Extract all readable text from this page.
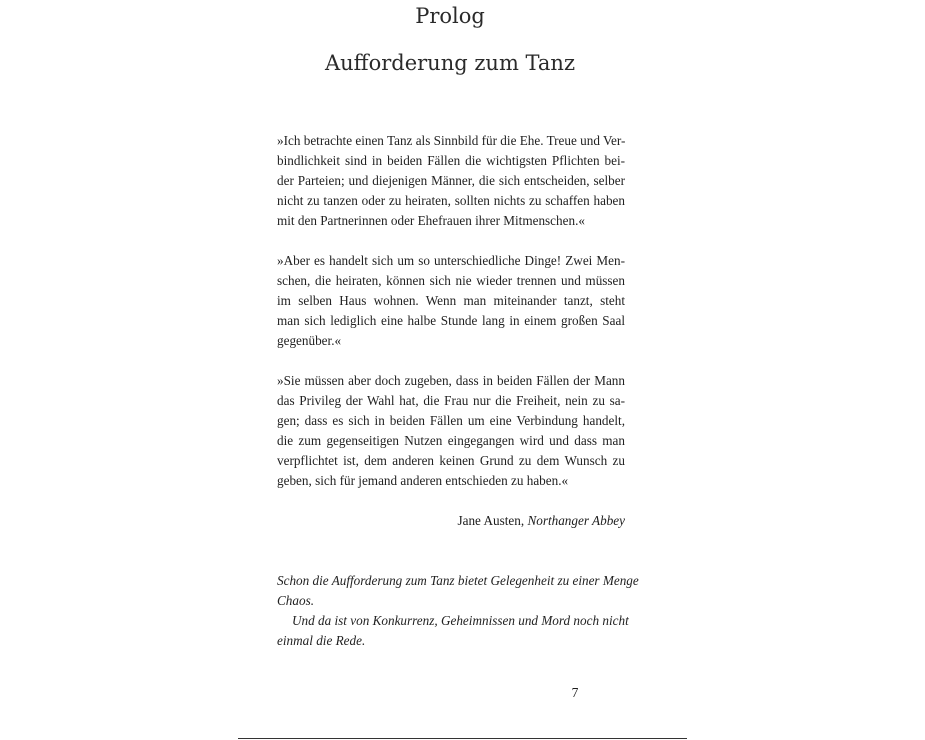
Prolog
Aufforderung zum Tanz
»Ich betrachte einen Tanz als Sinnbild für die Ehe. Treue und Ver-
bindlichkeit sind in beiden Fällen die wichtigsten Pflichten bei-
der Parteien; und diejenigen Männer, die sich entscheiden, selber
nicht zu tanzen oder zu heiraten, sollten nichts zu schaffen haben
mit den Partnerinnen oder Ehefrauen ihrer Mitmenschen.«
»Aber es handelt sich um so unterschiedliche Dinge! Zwei Men-
schen, die heiraten, können sich nie wieder trennen und müssen
im selben Haus wohnen. Wenn man miteinander tanzt, steht
man sich lediglich eine halbe Stunde lang in einem großen Saal
gegenüber.«
»Sie müssen aber doch zugeben, dass in beiden Fällen der Mann
das Privileg der Wahl hat, die Frau nur die Freiheit, nein zu sa-
gen; dass es sich in beiden Fällen um eine Verbindung handelt,
die zum gegenseitigen Nutzen eingegangen wird und dass man
verpflichtet ist, dem anderen keinen Grund zu dem Wunsch zu
geben, sich für jemand anderen entschieden zu haben.«
Jane Austen, Northanger Abbey
Schon die Aufforderung zum Tanz bietet Gelegenheit zu einer Menge
Chaos.
Und da ist von Konkurrenz, Geheimnissen und Mord noch nicht
einmal die Rede.
7
